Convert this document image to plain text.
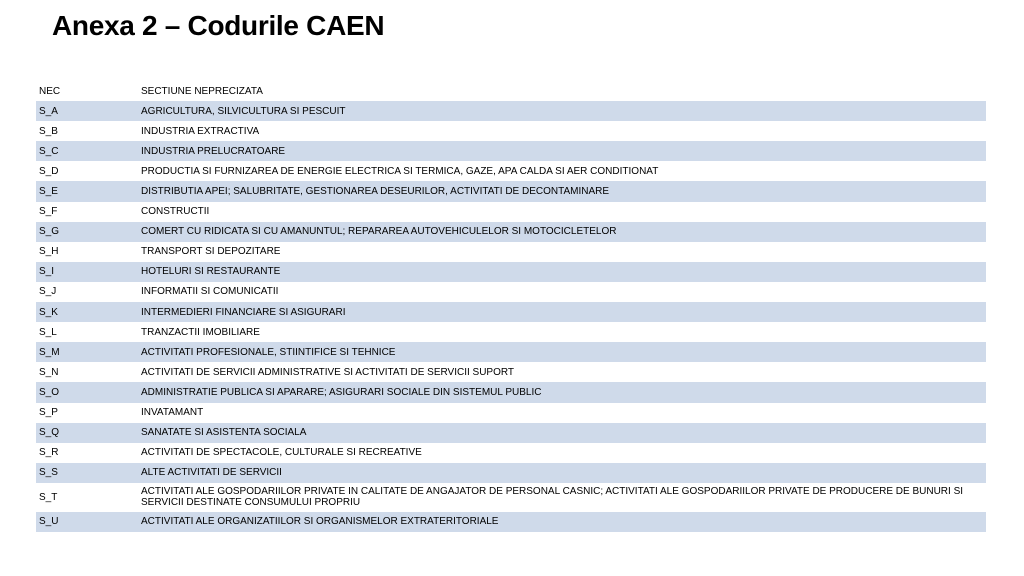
Anexa 2 – Codurile CAEN
NEC	SECTIUNE NEPRECIZATA
S_A	AGRICULTURA, SILVICULTURA SI PESCUIT
S_B	INDUSTRIA EXTRACTIVA
S_C	INDUSTRIA PRELUCRATOARE
S_D	PRODUCTIA SI FURNIZAREA DE ENERGIE ELECTRICA SI TERMICA, GAZE, APA CALDA SI AER CONDITIONAT
S_E	DISTRIBUTIA APEI; SALUBRITATE, GESTIONAREA DESEURILOR, ACTIVITATI DE DECONTAMINARE
S_F	CONSTRUCTII
S_G	COMERT CU RIDICATA SI CU AMANUNTUL; REPARAREA AUTOVEHICULELOR SI MOTOCICLETELOR
S_H	TRANSPORT SI DEPOZITARE
S_I	HOTELURI SI RESTAURANTE
S_J	INFORMATII SI COMUNICATII
S_K	INTERMEDIERI FINANCIARE SI ASIGURARI
S_L	TRANZACTII IMOBILIARE
S_M	ACTIVITATI PROFESIONALE, STIINTIFICE SI TEHNICE
S_N	ACTIVITATI DE SERVICII ADMINISTRATIVE SI ACTIVITATI DE SERVICII SUPORT
S_O	ADMINISTRATIE PUBLICA SI APARARE; ASIGURARI SOCIALE DIN SISTEMUL PUBLIC
S_P	INVATAMANT
S_Q	SANATATE SI ASISTENTA SOCIALA
S_R	ACTIVITATI DE SPECTACOLE, CULTURALE SI RECREATIVE
S_S	ALTE ACTIVITATI DE SERVICII
S_T	ACTIVITATI ALE GOSPODARIILOR PRIVATE IN CALITATE DE ANGAJATOR DE PERSONAL CASNIC; ACTIVITATI ALE GOSPODARIILOR PRIVATE DE PRODUCERE DE BUNURI SI SERVICII DESTINATE CONSUMULUI PROPRIU
S_U	ACTIVITATI ALE ORGANIZATIILOR SI ORGANISMELOR EXTRATERITORIALE
